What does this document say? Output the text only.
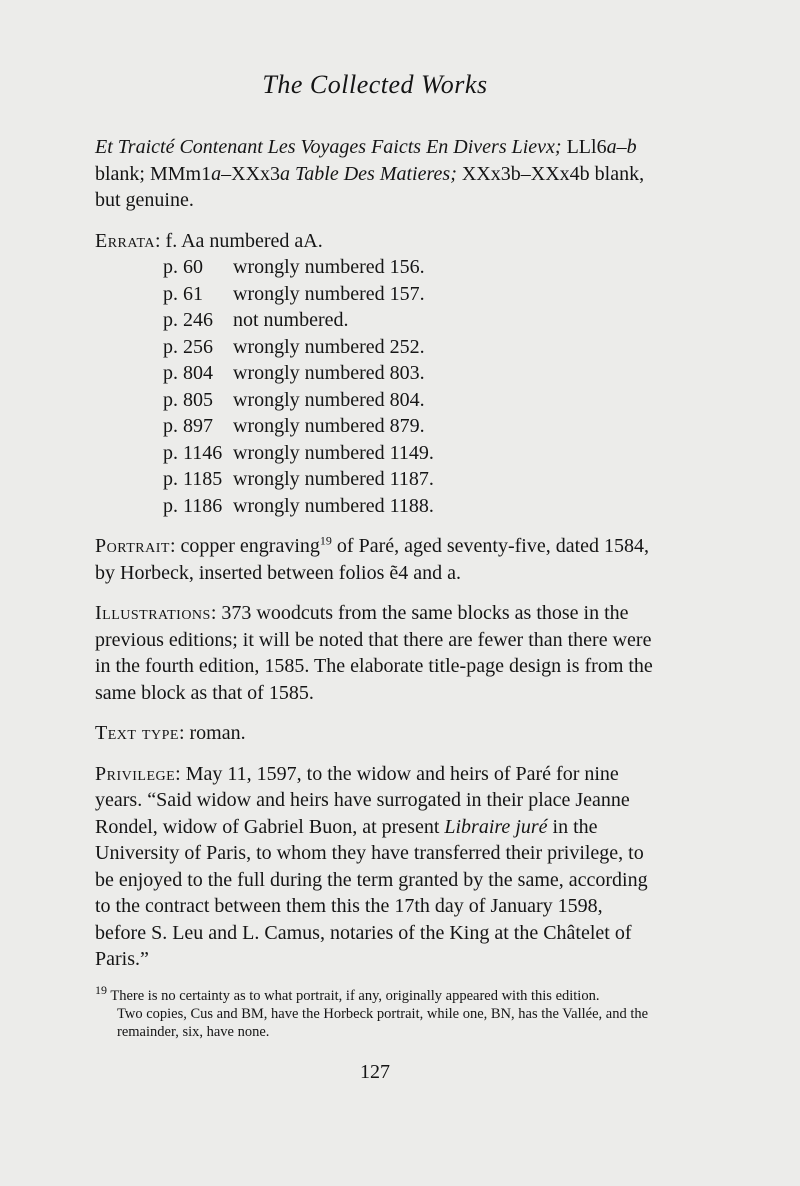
The Collected Works

Et Traicté Contenant Les Voyages Faicts En Divers Lievx; LLl6a–b blank; MMm1a–XXx3a Table Des Matieres; XXx3b–XXx4b blank, but genuine.

Errata: f. Aa numbered aA.

p. 60	wrongly numbered 156.
p. 61	wrongly numbered 157.
p. 246	not numbered.
p. 256	wrongly numbered 252.
p. 804	wrongly numbered 803.
p. 805	wrongly numbered 804.
p. 897	wrongly numbered 879.
p. 1146 wrongly numbered 1149.
p. 1185 wrongly numbered 1187.
p. 1186 wrongly numbered 1188.

Portrait: copper engraving$^{19}$ of Paré, aged seventy-five, dated 1584, by Horbeck, inserted between folios ẽ4 and a.

Illustrations: 373 woodcuts from the same blocks as those in the previous editions; it will be noted that there are fewer than there were in the fourth edition, 1585. The elaborate title-page design is from the same block as that of 1585.

Text type: roman.

Privilege: May 11, 1597, to the widow and heirs of Paré for nine years. “Said widow and heirs have surrogated in their place Jeanne Rondel, widow of Gabriel Buon, at present Libraire juré in the University of Paris, to whom they have transferred their privilege, to be enjoyed to the full during the term granted by the same, according to the contract between them this the 17th day of January 1598, before S. Leu and L. Camus, notaries of the King at the Châtelet of Paris.”

$^{19}$ There is no certainty as to what portrait, if any, originally appeared with this edition.
Two copies, Cus and BM, have the Horbeck portrait, while one, BN, has the Vallée, and the remainder, six, have none.
127
